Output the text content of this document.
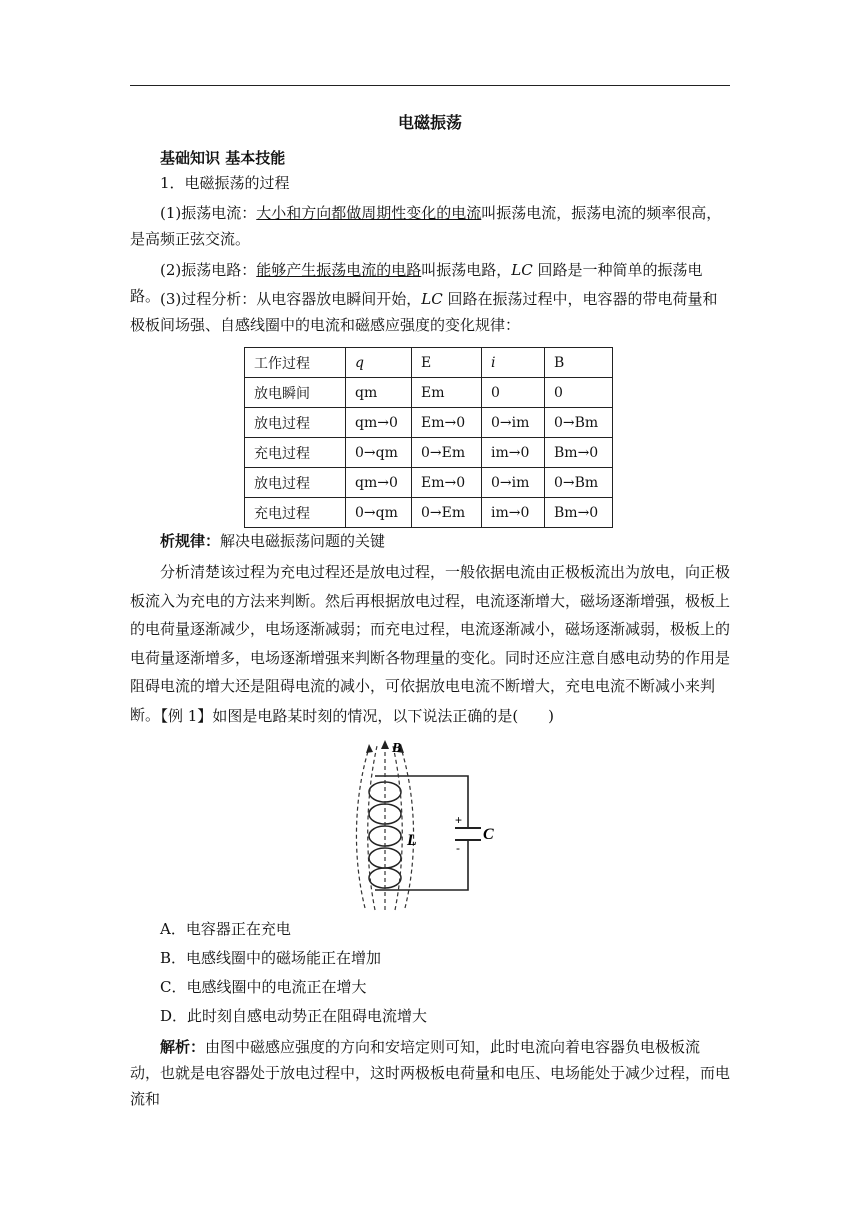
电磁振荡
基础知识 基本技能
1．电磁振荡的过程
(1)振荡电流：大小和方向都做周期性变化的电流叫振荡电流，振荡电流的频率很高，是高频正弦交流。
(2)振荡电路：能够产生振荡电流的电路叫振荡电路，LC 回路是一种简单的振荡电路。 (3)过程分析：从电容器放电瞬间开始，LC 回路在振荡过程中，电容器的带电荷量和极板间场强、自感线圈中的电流和磁感应强度的变化规律：
工作过程	q	E	i	B
放电瞬间	qm	Em	0	0
放电过程	qm→0	Em→0	0→im	0→Bm
充电过程	0→qm	0→Em	im→0	Bm→0
放电过程	qm→0	Em→0	0→im	0→Bm
充电过程	0→qm	0→Em	im→0	Bm→0
析规律：解决电磁振荡问题的关键
分析清楚该过程为充电过程还是放电过程，一般依据电流由正极板流出为放电，向正极板流入为充电的方法来判断。然后再根据放电过程，电流逐渐增大，磁场逐渐增强，极板上的电荷量逐渐减少，电场逐渐减弱；而充电过程，电流逐渐减小，磁场逐渐减弱，极板上的电荷量逐渐增多，电场逐渐增强来判断各物理量的变化。同时还应注意自感电动势的作用是阻碍电流的增大还是阻碍电流的减小，可依据放电电流不断增大，充电电流不断减小来判断。
【例 1】如图是电路某时刻的情况，以下说法正确的是(　　)
B
L	C
+
-
A．电容器正在充电
B．电感线圈中的磁场能正在增加
C．电感线圈中的电流正在增大
D．此时刻自感电动势正在阻碍电流增大
解析：由图中磁感应强度的方向和安培定则可知，此时电流向着电容器负电极板流动，也就是电容器处于放电过程中，这时两极板电荷量和电压、电场能处于减少过程，而电流和
